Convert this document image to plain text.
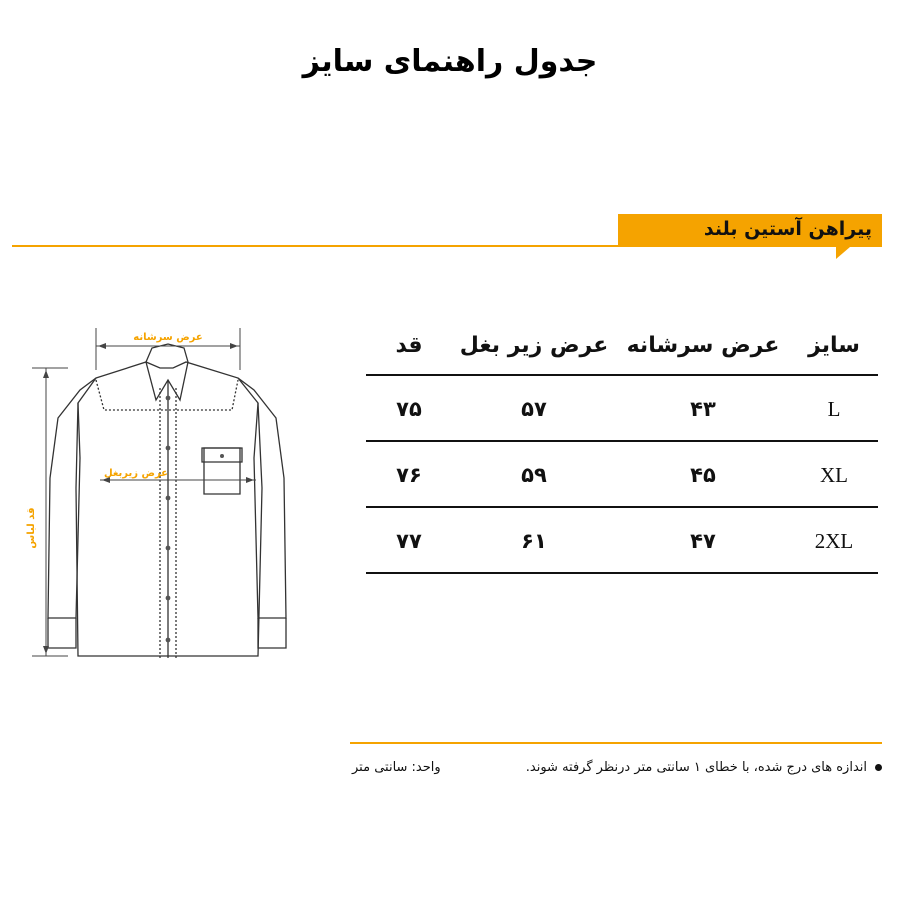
جدول راهنمای سایز
پیراهن آستین بلند
عرض سرشانه
عرض زیربغل
قد لباس
سایز
عرض سرشانه
عرض زیر بغل
قد
L
۴۳
۵۷
۷۵
XL
۴۵
۵۹
۷۶
2XL
۴۷
۶۱
۷۷
اندازه های درج شده، با خطای ۱ سانتی متر درنظر گرفته شوند.
واحد: سانتی متر
